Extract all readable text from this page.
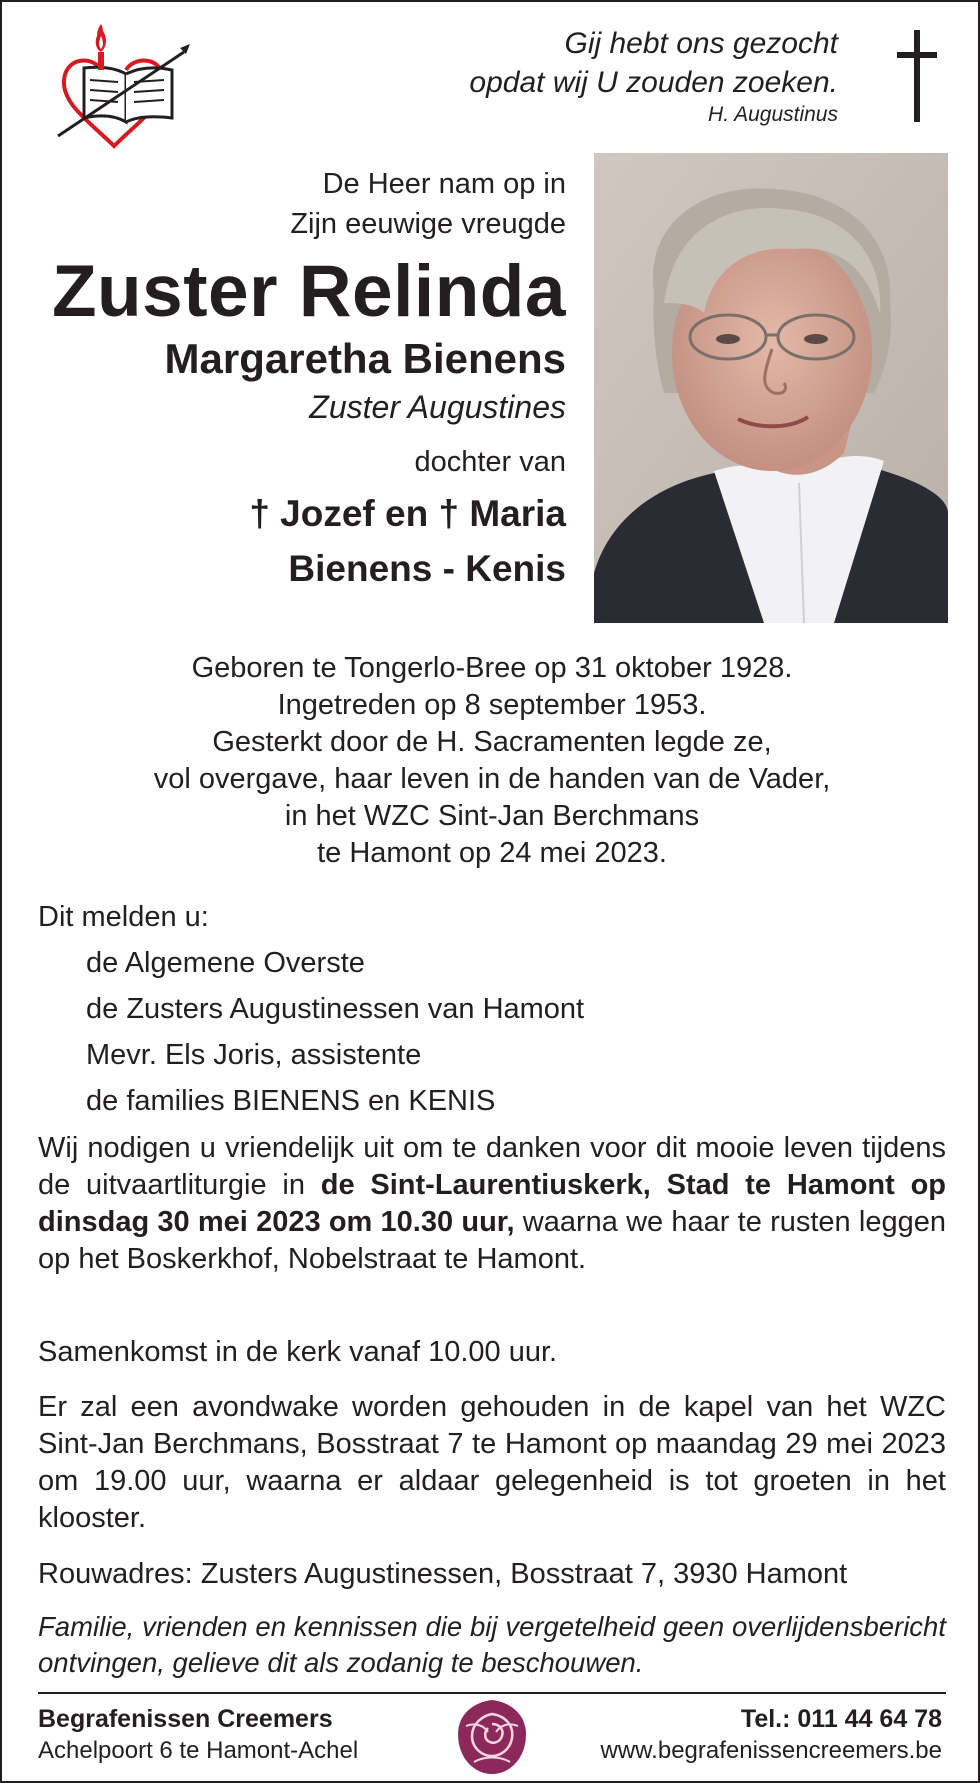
Gij hebt ons gezocht
opdat wij U zouden zoeken.
H. Augustinus
De Heer nam op in
Zijn eeuwige vreugde
Zuster Relinda
Margaretha Bienens
Zuster Augustines
dochter van
† Jozef en † Maria
Bienens - Kenis
Geboren te Tongerlo-Bree op 31 oktober 1928.
Ingetreden op 8 september 1953.
Gesterkt door de H. Sacramenten legde ze,
vol overgave, haar leven in de handen van de Vader,
in het WZC Sint-Jan Berchmans
te Hamont op 24 mei 2023.
Dit melden u:
de Algemene Overste
de Zusters Augustinessen van Hamont
Mevr. Els Joris, assistente
de families BIENENS en KENIS
Wij nodigen u vriendelijk uit om te danken voor dit mooie leven tijdens de uitvaartliturgie in de Sint-Laurentiuskerk, Stad te Hamont op dinsdag 30 mei 2023 om 10.30 uur, waarna we haar te rusten leggen op het Boskerkhof, Nobelstraat te Hamont.
Samenkomst in de kerk vanaf 10.00 uur.
Er zal een avondwake worden gehouden in de kapel van het WZC Sint-Jan Berchmans, Bosstraat 7 te Hamont op maandag 29 mei 2023 om 19.00 uur, waarna er aldaar gelegenheid is tot groeten in het klooster.
Rouwadres: Zusters Augustinessen, Bosstraat 7, 3930 Hamont
Familie, vrienden en kennissen die bij vergetelheid geen overlijdensbericht ontvingen, gelieve dit als zodanig te beschouwen.
Begrafenissen Creemers
Achelpoort 6 te Hamont-Achel
Tel.: 011 44 64 78
www.begrafenissencreemers.be
